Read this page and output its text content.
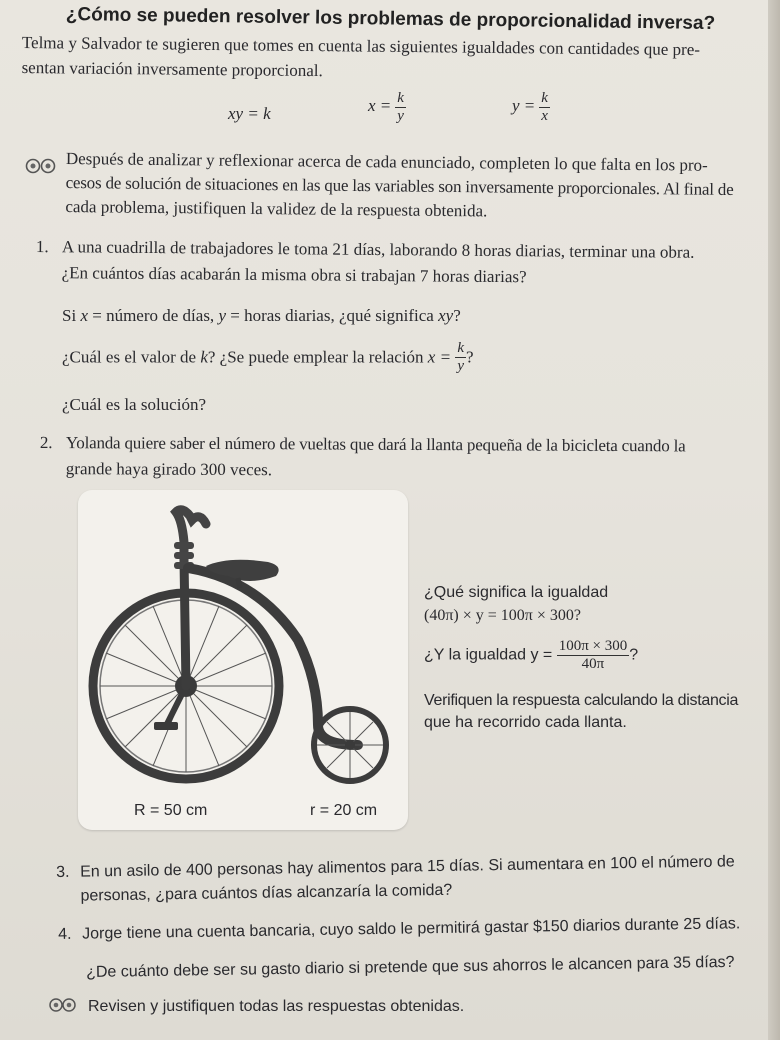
¿Cómo se pueden resolver los problemas de proporcionalidad inversa?
Telma y Salvador te sugieren que tomes en cuenta las siguientes igualdades con cantidades que pre-
sentan variación inversamente proporcional.
xy = k	$x = \frac{k}{y}$	$y = \frac{k}{x}$
Después de analizar y reflexionar acerca de cada enunciado, completen lo que falta en los pro-
cesos de solución de situaciones en las que las variables son inversamente proporcionales. Al final de
cada problema, justifiquen la validez de la respuesta obtenida.
1. A una cuadrilla de trabajadores le toma 21 días, laborando 8 horas diarias, terminar una obra.
¿En cuántos días acabarán la misma obra si trabajan 7 horas diarias?
Si x = número de días, y = horas diarias, ¿qué significa xy?
¿Cuál es el valor de k? ¿Se puede emplear la relación $x = \frac{k}{y}$ ?
¿Cuál es la solución?
2. Yolanda quiere saber el número de vueltas que dará la llanta pequeña de la bicicleta cuando la
grande haya girado 300 veces.
R = 50 cm	r = 20 cm
¿Qué significa la igualdad
(40π) × y = 100π × 300?
¿Y la igualdad $y = \frac{100\pi \times 300}{40\pi}$ ?
Verifiquen la respuesta calculando la distancia
que ha recorrido cada llanta.
3. En un asilo de 400 personas hay alimentos para 15 días. Si aumentara en 100 el número de
personas, ¿para cuántos días alcanzaría la comida?
4. Jorge tiene una cuenta bancaria, cuyo saldo le permitirá gastar $150 diarios durante 25 días.
¿De cuánto debe ser su gasto diario si pretende que sus ahorros le alcancen para 35 días?
Revisen y justifiquen todas las respuestas obtenidas.
